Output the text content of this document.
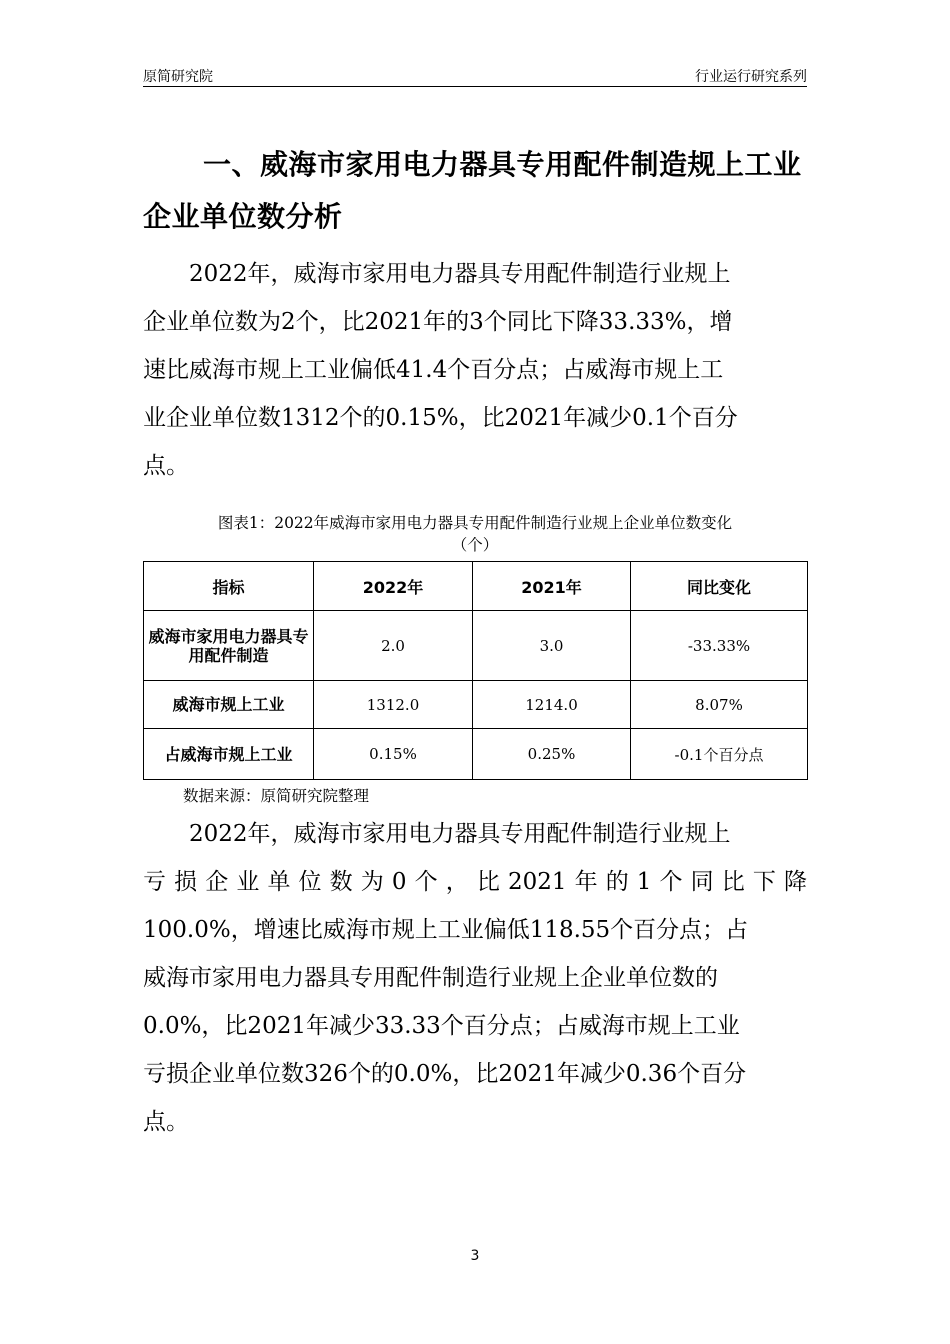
原简研究院	行业运行研究系列
一、威海市家用电力器具专用配件制造规上工业
企业单位数分析
　　2022年，威海市家用电力器具专用配件制造行业规上
企业单位数为2个，比2021年的3个同比下降33.33%，增
速比威海市规上工业偏低41.4个百分点；占威海市规上工
业企业单位数1312个的0.15%，比2021年减少0.1个百分
点。
图表1：2022年威海市家用电力器具专用配件制造行业规上企业单位数变化
（个）
指标	2022年	2021年	同比变化
威海市家用电力器具专用配件制造	2.0	3.0	-33.33%
威海市规上工业	1312.0	1214.0	8.07%
占威海市规上工业	0.15%	0.25%	-0.1个百分点
数据来源：原简研究院整理
　　2022年，威海市家用电力器具专用配件制造行业规上
亏损企业单位数为0个，比2021年的1个同比下降
100.0%，增速比威海市规上工业偏低118.55个百分点；占
威海市家用电力器具专用配件制造行业规上企业单位数的
0.0%，比2021年减少33.33个百分点；占威海市规上工业
亏损企业单位数326个的0.0%，比2021年减少0.36个百分
点。
3
